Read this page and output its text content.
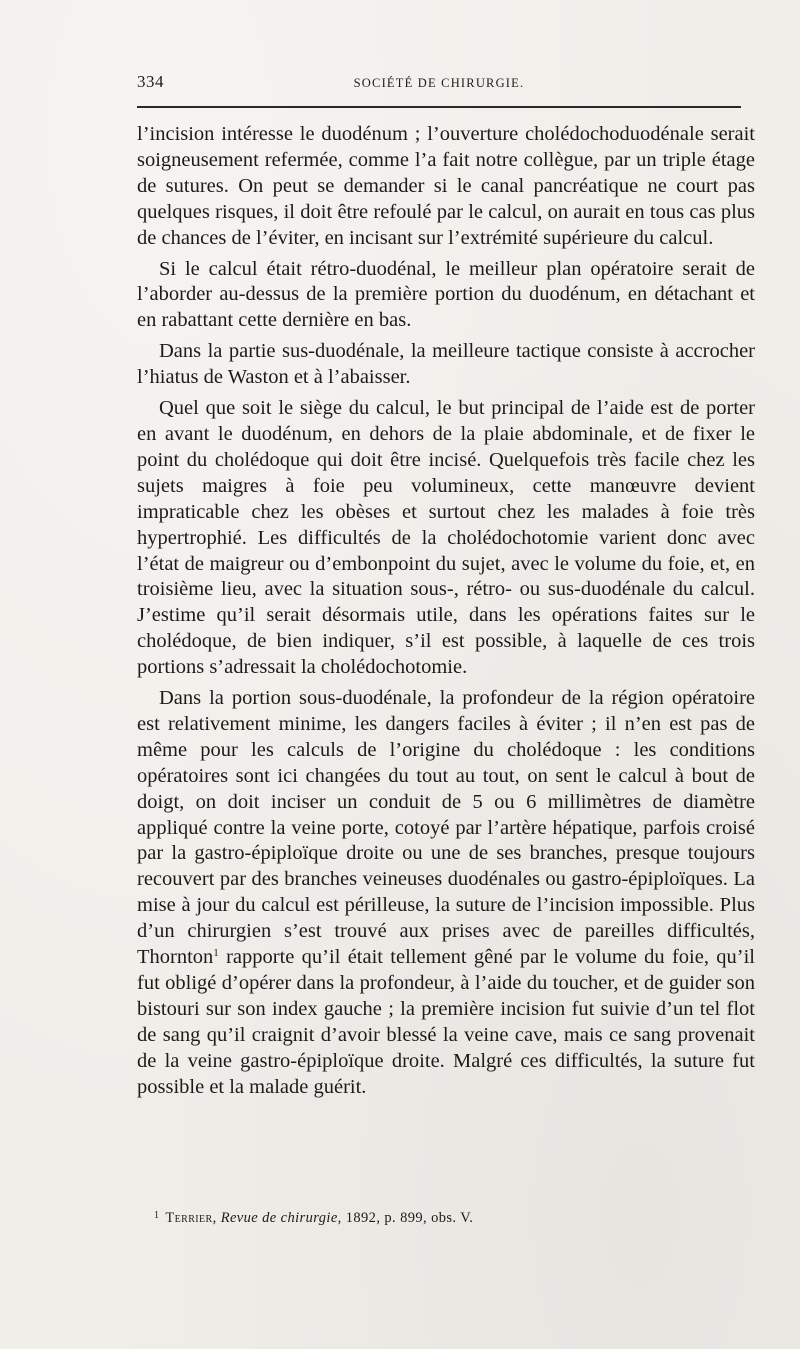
334	SOCIÉTÉ DE CHIRURGIE.

l’incision intéresse le duodénum ; l’ouverture cholédochoduodénale serait soigneusement refermée, comme l’a fait notre collègue, par un triple étage de sutures. On peut se demander si le canal pancréatique ne court pas quelques risques, il doit être refoulé par le calcul, on aurait en tous cas plus de chances de l’éviter, en incisant sur l’extrémité supérieure du calcul.

Si le calcul était rétro-duodénal, le meilleur plan opératoire serait de l’aborder au-dessus de la première portion du duodénum, en détachant et en rabattant cette dernière en bas.

Dans la partie sus-duodénale, la meilleure tactique consiste à accrocher l’hiatus de Waston et à l’abaisser.

Quel que soit le siège du calcul, le but principal de l’aide est de porter en avant le duodénum, en dehors de la plaie abdominale, et de fixer le point du cholédoque qui doit être incisé. Quelquefois très facile chez les sujets maigres à foie peu volumineux, cette manœuvre devient impraticable chez les obèses et surtout chez les malades à foie très hypertrophié. Les difficultés de la cholédochotomie varient donc avec l’état de maigreur ou d’embonpoint du sujet, avec le volume du foie, et, en troisième lieu, avec la situation sous-, rétro- ou sus-duodénale du calcul. J’estime qu’il serait désormais utile, dans les opérations faites sur le cholédoque, de bien indiquer, s’il est possible, à laquelle de ces trois portions s’adressait la cholédochotomie.

Dans la portion sous-duodénale, la profondeur de la région opératoire est relativement minime, les dangers faciles à éviter ; il n’en est pas de même pour les calculs de l’origine du cholédoque : les conditions opératoires sont ici changées du tout au tout, on sent le calcul à bout de doigt, on doit inciser un conduit de 5 ou 6 millimètres de diamètre appliqué contre la veine porte, cotoyé par l’artère hépatique, parfois croisé par la gastro-épiploïque droite ou une de ses branches, presque toujours recouvert par des branches veineuses duodénales ou gastro-épiploïques. La mise à jour du calcul est périlleuse, la suture de l’incision impossible. Plus d’un chirurgien s’est trouvé aux prises avec de pareilles difficultés, Thornton$^1$ rapporte qu’il était tellement gêné par le volume du foie, qu’il fut obligé d’opérer dans la profondeur, à l’aide du toucher, et de guider son bistouri sur son index gauche ; la première incision fut suivie d’un tel flot de sang qu’il craignit d’avoir blessé la veine cave, mais ce sang provenait de la veine gastro-épiploïque droite. Malgré ces difficultés, la suture fut possible et la malade guérit.

$^1$ Terrier, Revue de chirurgie, 1892, p. 899, obs. V.
